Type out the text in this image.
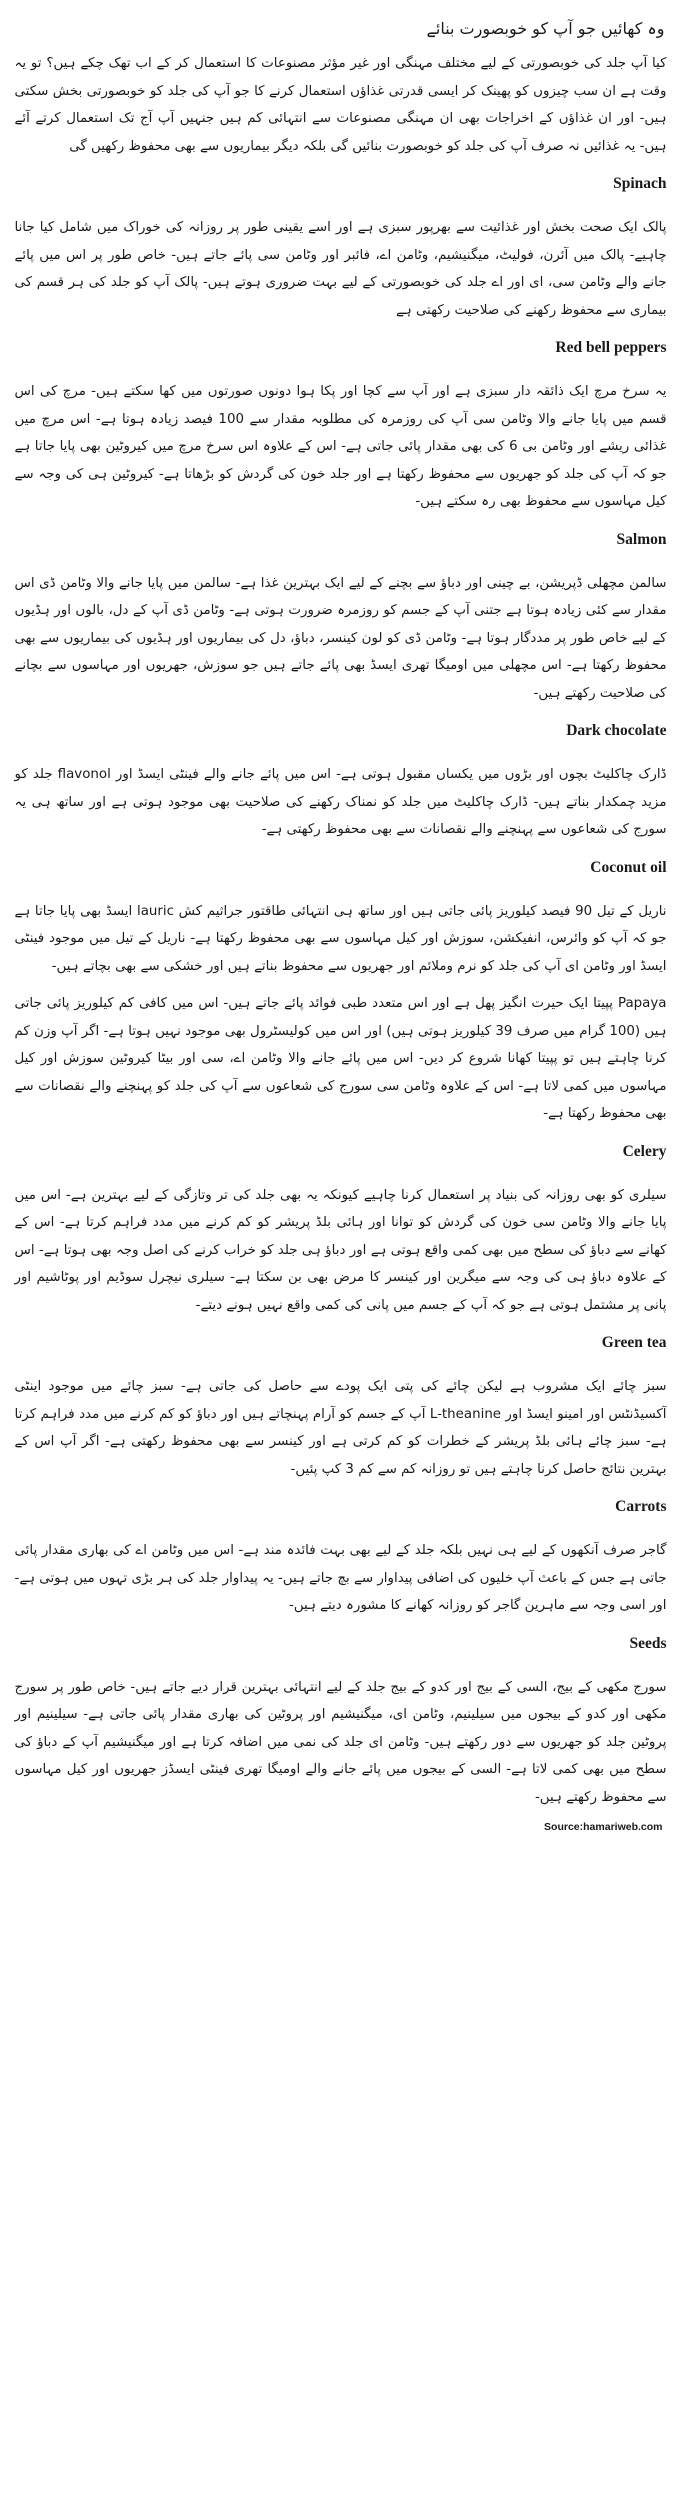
وہ کھائیں جو آپ کو خوبصورت بنائے

کیا آپ جلد کی خوبصورتی کے لیے مختلف مہنگی اور غیر مؤثر مصنوعات کا استعمال کر کے اب تھک چکے ہیں؟ تو یہ وقت ہے ان سب چیزوں کو پھینک کر ایسی قدرتی غذاؤں استعمال کرنے کا جو آپ کی جلد کو خوبصورتی بخش سکتی ہیں- اور ان غذاؤں کے اخراجات بھی ان مہنگی مصنوعات سے انتہائی کم ہیں جنہیں آپ آج تک استعمال کرتے آئے ہیں- یہ غذائیں نہ صرف آپ کی جلد کو خوبصورت بنائیں گی بلکہ دیگر بیماریوں سے بھی محفوظ رکھیں گی

Spinach

پالک ایک صحت بخش اور غذائیت سے بھرپور سبزی ہے اور اسے یقینی طور پر روزانہ کی خوراک میں شامل کیا جانا چاہیے- پالک میں آئرن، فولیٹ، میگنیشیم، وٹامن اے، فائبر اور وٹامن سی پائے جاتے ہیں- خاص طور پر اس میں پائے جانے والے وٹامن سی، ای اور اے جلد کی خوبصورتی کے لیے بہت ضروری ہوتے ہیں- پالک آپ کو جلد کی ہر قسم کی بیماری سے محفوظ رکھنے کی صلاحیت رکھتی ہے

Red bell peppers

یہ سرخ مرچ ایک ذائقہ دار سبزی ہے اور آپ سے کچا اور پکا ہوا دونوں صورتوں میں کھا سکتے ہیں- مرچ کی اس قسم میں پایا جانے والا وٹامن سی آپ کی روزمرہ کی مطلوبہ مقدار سے 100 فیصد زیادہ ہوتا ہے- اس مرچ میں غذائی ریشے اور وٹامن بی 6 کی بھی مقدار پائی جاتی ہے- اس کے علاوہ اس سرخ مرچ میں کیروٹین بھی پایا جاتا ہے جو کہ آپ کی جلد کو جھریوں سے محفوظ رکھتا ہے اور جلد خون کی گردش کو بڑھاتا ہے- کیروٹین ہی کی وجہ سے کیل مہاسوں سے محفوظ بھی رہ سکتے ہیں-

Salmon

سالمن مچھلی ڈپریشن، بے چینی اور دباؤ سے بچنے کے لیے ایک بہترین غذا ہے- سالمن میں پایا جانے والا وٹامن ڈی اس مقدار سے کئی زیادہ ہوتا ہے جتنی آپ کے جسم کو روزمرہ ضرورت ہوتی ہے- وٹامن ڈی آپ کے دل، بالوں اور ہڈیوں کے لیے خاص طور پر مددگار ہوتا ہے- وٹامن ڈی کو لون کینسر، دباؤ، دل کی بیماریوں اور ہڈیوں کی بیماریوں سے بھی محفوظ رکھتا ہے- اس مچھلی میں اومیگا تھری ایسڈ بھی پائے جاتے ہیں جو سوزش، جھریوں اور مہاسوں سے بچانے کی صلاحیت رکھتے ہیں-

Dark chocolate

ڈارک چاکلیٹ بچوں اور بڑوں میں یکساں مقبول ہوتی ہے- اس میں پائے جانے والے فینٹی ایسڈ اور flavonol جلد کو مزید چمکدار بناتے ہیں- ڈارک چاکلیٹ میں جلد کو نمناک رکھنے کی صلاحیت بھی موجود ہوتی ہے اور ساتھ ہی یہ سورج کی شعاعوں سے پہنچنے والے نقصانات سے بھی محفوظ رکھتی ہے-

Coconut oil

ناریل کے تیل 90 فیصد کیلوریز پائی جاتی ہیں اور ساتھ ہی انتہائی طاقتور جراثیم کش lauric ایسڈ بھی پایا جاتا ہے جو کہ آپ کو وائرس، انفیکشن، سوزش اور کیل مہاسوں سے بھی محفوظ رکھتا ہے- ناریل کے تیل میں موجود فینٹی ایسڈ اور وٹامن ای آپ کی جلد کو نرم وملائم اور جھریوں سے محفوظ بناتے ہیں اور خشکی سے بھی بچاتے ہیں-

Papaya پپیتا ایک حیرت انگیز پھل ہے اور اس متعدد طبی فوائد پائے جاتے ہیں- اس میں کافی کم کیلوریز پائی جاتی ہیں (100 گرام میں صرف 39 کیلوریز ہوتی ہیں) اور اس میں کولیسٹرول بھی موجود نہیں ہوتا ہے- اگر آپ وزن کم کرنا چاہتے ہیں تو پپیتا کھانا شروع کر دیں- اس میں پائے جانے والا وٹامن اے، سی اور بیٹا کیروٹین سوزش اور کیل مہاسوں میں کمی لاتا ہے- اس کے علاوہ وٹامن سی سورج کی شعاعوں سے آپ کی جلد کو پہنچنے والے نقصانات سے بھی محفوظ رکھتا ہے-

Celery

سیلری کو بھی روزانہ کی بنیاد پر استعمال کرنا چاہیے کیونکہ یہ بھی جلد کی تر وتازگی کے لیے بہترین ہے- اس میں پایا جانے والا وٹامن سی خون کی گردش کو توانا اور ہائی بلڈ پریشر کو کم کرنے میں مدد فراہم کرتا ہے- اس کے کھانے سے دباؤ کی سطح میں بھی کمی واقع ہوتی ہے اور دباؤ ہی جلد کو خراب کرنے کی اصل وجہ بھی ہوتا ہے- اس کے علاوہ دباؤ ہی کی وجہ سے میگرین اور کینسر کا مرض بھی بن سکتا ہے- سیلری نیچرل سوڈیم اور پوٹاشیم اور پانی پر مشتمل ہوتی ہے جو کہ آپ کے جسم میں پانی کی کمی واقع نہیں ہونے دیتے-

Green tea

سبز چائے ایک مشروب ہے لیکن چائے کی پتی ایک پودے سے حاصل کی جاتی ہے- سبز چائے میں موجود اینٹی آکسیڈنٹس اور امینو ایسڈ اور L-theanine آپ کے جسم کو آرام پہنچاتے ہیں اور دباؤ کو کم کرنے میں مدد فراہم کرتا ہے- سبز چائے ہائی بلڈ پریشر کے خطرات کو کم کرتی ہے اور کینسر سے بھی محفوظ رکھتی ہے- اگر آپ اس کے بہترین نتائج حاصل کرنا چاہتے ہیں تو روزانہ کم سے کم 3 کپ پئیں-

Carrots

گاجر صرف آنکھوں کے لیے ہی نہیں بلکہ جلد کے لیے بھی بہت فائدہ مند ہے- اس میں وٹامن اے کی بھاری مقدار پائی جاتی ہے جس کے باعث آپ خلیوں کی اضافی پیداوار سے بچ جاتے ہیں- یہ پیداوار جلد کی ہر بڑی تہوں میں ہوتی ہے- اور اسی وجہ سے ماہرین گاجر کو روزانہ کھانے کا مشورہ دیتے ہیں-

Seeds

سورج مکھی کے بیج، السی کے بیج اور کدو کے بیج جلد کے لیے انتہائی بہترین قرار دیے جاتے ہیں- خاص طور پر سورج مکھی اور کدو کے بیجوں میں سیلینیم، وٹامن ای، میگنیشیم اور پروٹین کی بھاری مقدار پائی جاتی ہے- سیلینیم اور پروٹین جلد کو جھریوں سے دور رکھتے ہیں- وٹامن ای جلد کی نمی میں اضافہ کرتا ہے اور میگنیشیم آپ کے دباؤ کی سطح میں بھی کمی لاتا ہے- السی کے بیجوں میں پائے جانے والے اومیگا تھری فینٹی ایسڈز جھریوں اور کیل مہاسوں سے محفوظ رکھتے ہیں-

Source:hamariweb.com
